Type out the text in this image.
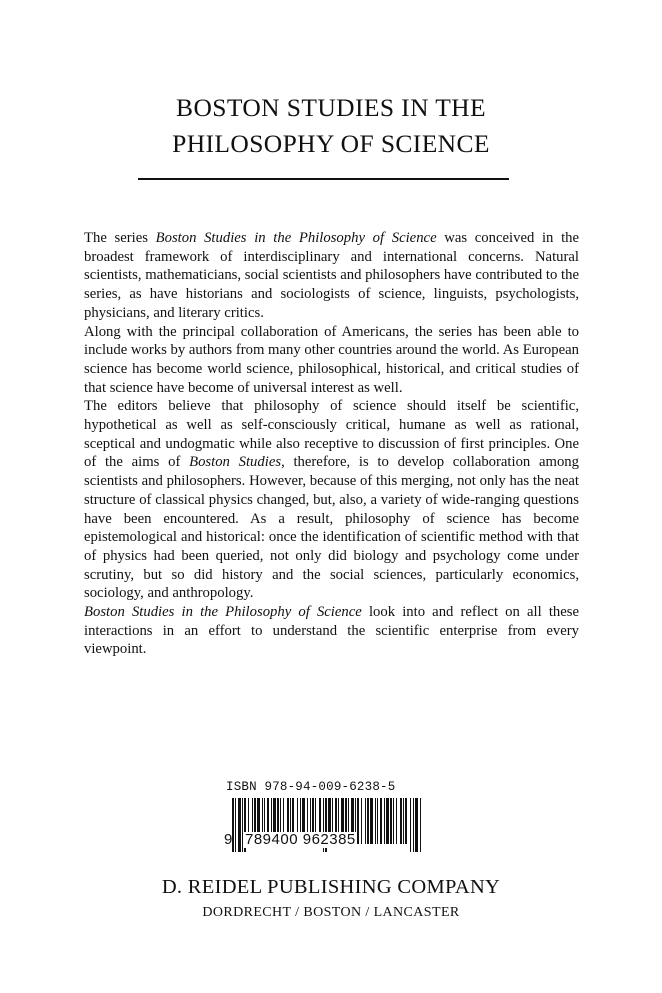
BOSTON STUDIES IN THE
PHILOSOPHY OF SCIENCE

The series Boston Studies in the Philosophy of Science was conceived in the broadest framework of interdisciplinary and international concerns. Natural scientists, mathematicians, social scientists and philosophers have contributed to the series, as have historians and sociologists of science, linguists, psychologists, physicians, and literary critics.

Along with the principal collaboration of Americans, the series has been able to include works by authors from many other countries around the world. As European science has become world science, philosophical, historical, and critical studies of that science have become of universal interest as well.

The editors believe that philosophy of science should itself be scientific, hypothetical as well as self-consciously critical, humane as well as rational, sceptical and undogmatic while also receptive to discussion of first principles. One of the aims of Boston Studies, therefore, is to develop collaboration among scientists and philosophers. However, because of this merging, not only has the neat structure of classical physics changed, but, also, a variety of wide-ranging questions have been encountered. As a result, philosophy of science has become epistemological and historical: once the identification of scientific method with that of physics had been queried, not only did biology and psychology come under scrutiny, but so did history and the social sciences, particularly economics, sociology, and anthropology.

Boston Studies in the Philosophy of Science look into and reflect on all these interactions in an effort to understand the scientific enterprise from every viewpoint.

ISBN 978-94-009-6238-5
9 789400 962385
D. REIDEL PUBLISHING COMPANY
DORDRECHT / BOSTON / LANCASTER
